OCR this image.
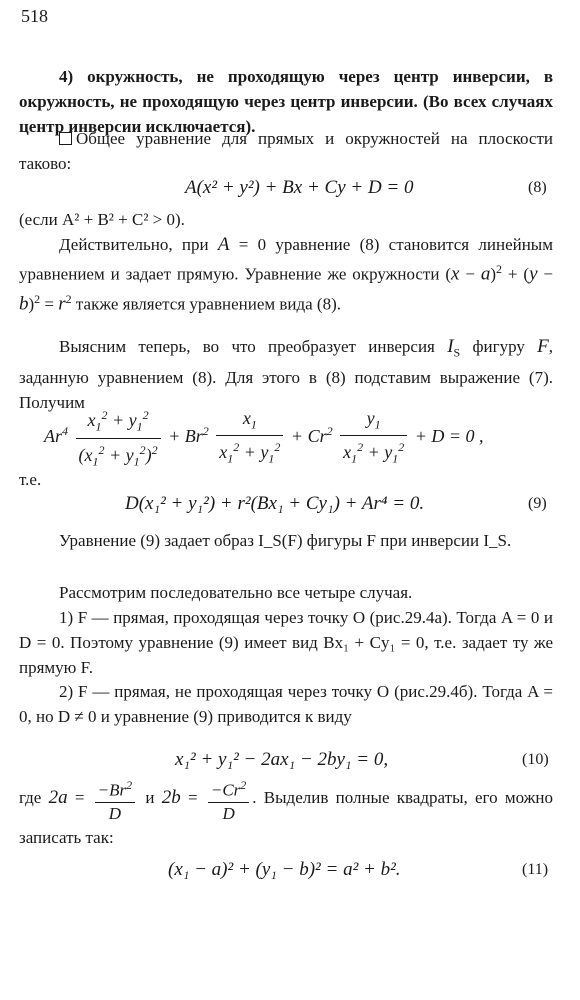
518

4) окружность, не проходящую через центр инверсии, в окружность, не проходящую через центр инверсии. (Во всех случаях центр инверсии исключается).

Общее уравнение для прямых и окружностей на плоскости таково:

A(x² + y²) + Bx + Cy + D = 0	(8)

(если A² + B² + C² > 0).

Действительно, при A = 0 уравнение (8) становится линейным уравнением и задает прямую. Уравнение же окружности $(x - a)^2 + (y - b)^2 = r^2$ также является уравнением вида (8).

Выясним теперь, во что преобразует инверсия $I_S$ фигуру F, заданную уравнением (8). Для этого в (8) подставим выражение (7). Получим

$Ar^4 \frac{x_1^2 + y_1^2}{(x_1^2 + y_1^2)^2} + Br^2 \frac{x_1}{x_1^2 + y_1^2} + Cr^2 \frac{y_1}{x_1^2 + y_1^2} + D = 0$ ,

т.е.

D(x₁² + y₁²) + r²(Bx₁ + Cy₁) + Ar⁴ = 0.	(9)

Уравнение (9) задает образ I_S(F) фигуры F при инверсии I_S.

Рассмотрим последовательно все четыре случая.

1) F — прямая, проходящая через точку O (рис.29.4а). Тогда A = 0 и D = 0. Поэтому уравнение (9) имеет вид Bx₁ + Cy₁ = 0, т.е. задает ту же прямую F.

2) F — прямая, не проходящая через точку O (рис.29.4б). Тогда A = 0, но D ≠ 0 и уравнение (9) приводится к виду

x₁² + y₁² − 2ax₁ − 2by₁ = 0,	(10)
где $2a = \frac{-Br^2}{D}$ и $2b = \frac{-Cr^2}{D}$ . Выделив полные квадраты, его можно записать так:
(x₁ − a)² + (y₁ − b)² = a² + b².	(11)
